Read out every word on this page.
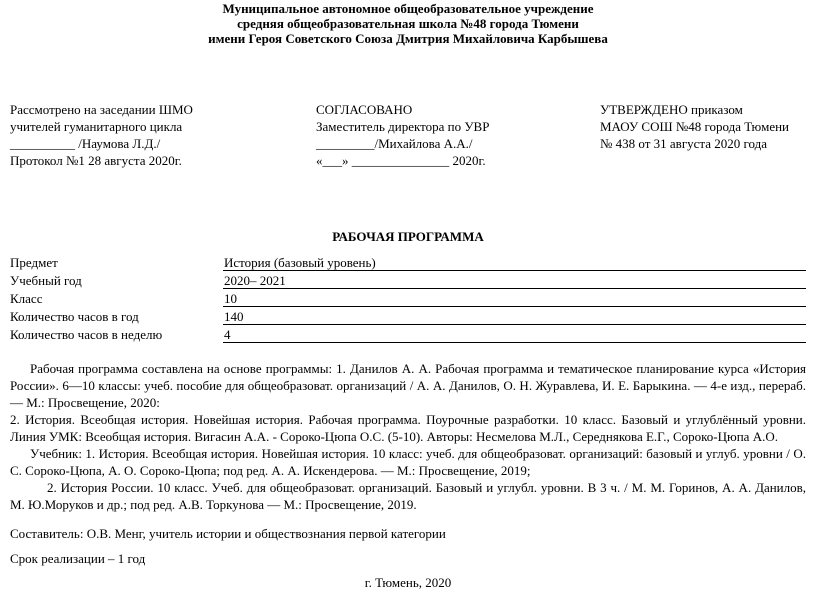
Муниципальное автономное общеобразовательное учреждение
средняя общеобразовательная школа №48 города Тюмени
имени Героя Советского Союза Дмитрия Михайловича Карбышева
Рассмотрено на заседании ШМО
учителей гуманитарного цикла
__________ /Наумова Л.Д./
Протокол №1 28 августа 2020г.
СОГЛАСОВАНО
Заместитель директора по УВР
_________/Михайлова А.А./
«___» _______________ 2020г.
УТВЕРЖДЕНО приказом
МАОУ СОШ №48 города Тюмени
№ 438 от 31 августа 2020 года
РАБОЧАЯ ПРОГРАММА
Предмет	История (базовый уровень)
Учебный год	2020– 2021
Класс	10
Количество часов в год	140
Количество часов в неделю	4

Рабочая программа составлена на основе программы: 1. Данилов А. А. Рабочая программа и тематическое планирование курса «История России». 6—10 классы: учеб. пособие для общеобразоват. организаций / А. А. Данилов, О. Н. Журавлева, И. Е. Барыкина. — 4-е изд., перераб. — М.: Просвещение, 2020:

2. История. Всеобщая история. Новейшая история. Рабочая программа. Поурочные разработки. 10 класс. Базовый и углублённый уровни. Линия УМК: Всеобщая история. Вигасин А.А. - Сороко-Цюпа О.С. (5-10). Авторы: Несмелова М.Л., Середнякова Е.Г., Сороко-Цюпа А.О.

Учебник: 1. История. Всеобщая история. Новейшая история. 10 класс: учеб. для общеобразоват. организаций: базовый и углуб. уровни / О. С. Сороко-Цюпа, А. О. Сороко-Цюпа; под ред. А. А. Искендерова. — М.: Просвещение, 2019;

2. История России. 10 класс. Учеб. для общеобразоват. организаций. Базовый и углубл. уровни. В 3 ч. / М. М. Горинов, А. А. Данилов, М. Ю.Моруков и др.; под ред. А.В. Торкунова — М.: Просвещение, 2019.

Составитель: О.В. Менг, учитель истории и обществознания первой категории
Срок реализации – 1 год
г. Тюмень, 2020
